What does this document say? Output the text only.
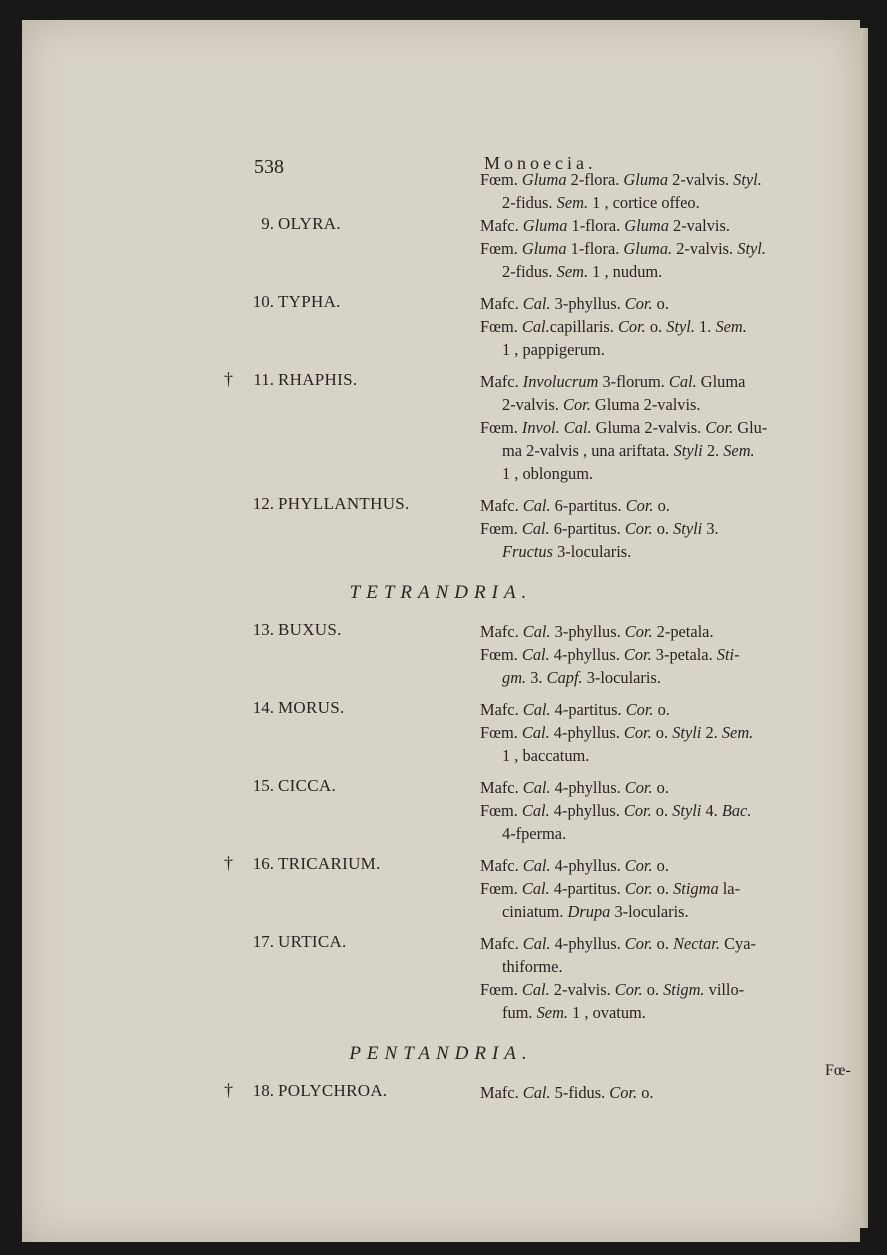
538	Monoecia.
Fœm. Gluma 2-flora. Gluma 2-valvis. Styl.
2-fidus. Sem. 1 , cortice offeo.
9. OLYRA.	Mafc. Gluma 1-flora. Gluma 2-valvis.
Fœm. Gluma 1-flora. Gluma. 2-valvis. Styl.
2-fidus. Sem. 1 , nudum.
10. TYPHA.	Mafc. Cal. 3-phyllus. Cor. o.
Fœm. Cal.capillaris. Cor. o. Styl. 1. Sem.
1 , pappigerum.
†	11. RHAPHIS.	Mafc. Involucrum 3-florum. Cal. Gluma
2-valvis. Cor. Gluma 2-valvis.
Fœm. Invol. Cal. Gluma 2-valvis. Cor. Glu-
ma 2-valvis , una ariftata. Styli 2. Sem.
1 , oblongum.
12. PHYLLANTHUS.	Mafc. Cal. 6-partitus. Cor. o.
Fœm. Cal. 6-partitus. Cor. o. Styli 3.
Fructus 3-locularis.
TETRANDRIA.
13. BUXUS.	Mafc. Cal. 3-phyllus. Cor. 2-petala.
Fœm. Cal. 4-phyllus. Cor. 3-petala. Sti-
gm. 3. Capf. 3-locularis.
14. MORUS.	Mafc. Cal. 4-partitus. Cor. o.
Fœm. Cal. 4-phyllus. Cor. o. Styli 2. Sem.
1 , baccatum.
15. CICCA.	Mafc. Cal. 4-phyllus. Cor. o.
Fœm. Cal. 4-phyllus. Cor. o. Styli 4. Bac.
4-fperma.
†	16. TRICARIUM.	Mafc. Cal. 4-phyllus. Cor. o.
Fœm. Cal. 4-partitus. Cor. o. Stigma la-
ciniatum. Drupa 3-locularis.
17. URTICA.	Mafc. Cal. 4-phyllus. Cor. o. Nectar. Cya-
thiforme.
Fœm. Cal. 2-valvis. Cor. o. Stigm. villo-
fum. Sem. 1 , ovatum.
PENTANDRIA.
†	18. POLYCHROA.	Mafc. Cal. 5-fidus. Cor. o.
Fœ-
